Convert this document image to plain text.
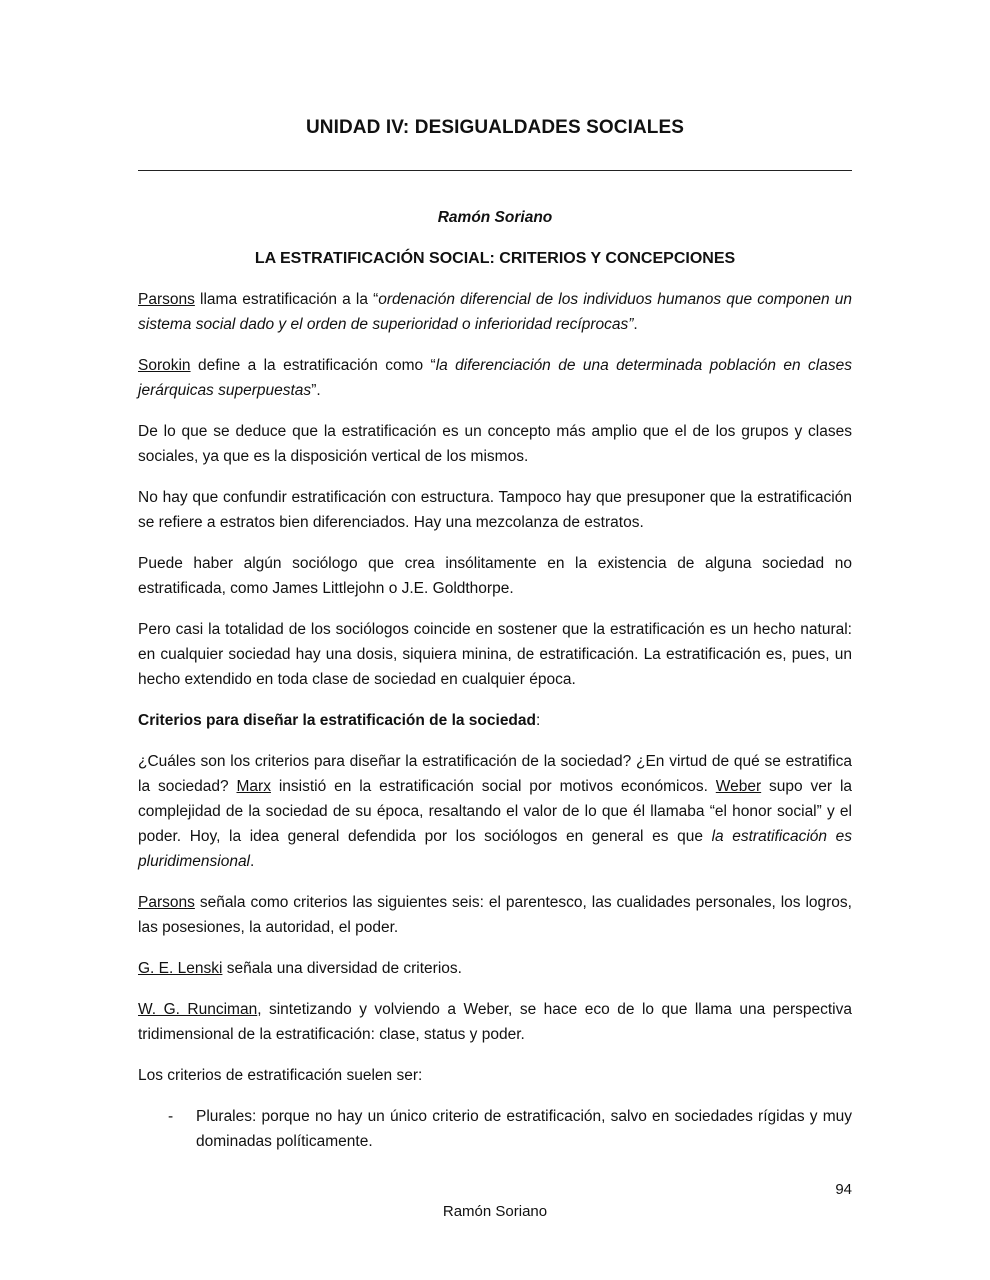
UNIDAD IV: DESIGUALDADES SOCIALES
Ramón Soriano
LA ESTRATIFICACIÓN SOCIAL: CRITERIOS Y CONCEPCIONES

Parsons llama estratificación a la “ordenación diferencial de los individuos humanos que componen un sistema social dado y el orden de superioridad o inferioridad recíprocas”.

Sorokin define a la estratificación como “la diferenciación de una determinada población en clases jerárquicas superpuestas”.

De lo que se deduce que la estratificación es un concepto más amplio que el de los grupos y clases sociales, ya que es la disposición vertical de los mismos.

No hay que confundir estratificación con estructura. Tampoco hay que presuponer que la estratificación se refiere a estratos bien diferenciados. Hay una mezcolanza de estratos.

Puede haber algún sociólogo que crea insólitamente en la existencia de alguna sociedad no estratificada, como James Littlejohn o J.E. Goldthorpe.

Pero casi la totalidad de los sociólogos coincide en sostener que la estratificación es un hecho natural: en cualquier sociedad hay una dosis, siquiera minina, de estratificación. La estratificación es, pues, un hecho extendido en toda clase de sociedad en cualquier época.

Criterios para diseñar la estratificación de la sociedad:

¿Cuáles son los criterios para diseñar la estratificación de la sociedad? ¿En virtud de qué se estratifica la sociedad? Marx insistió en la estratificación social por motivos económicos. Weber supo ver la complejidad de la sociedad de su época, resaltando el valor de lo que él llamaba “el honor social” y el poder. Hoy, la idea general defendida por los sociólogos en general es que la estratificación es pluridimensional.

Parsons señala como criterios las siguientes seis: el parentesco, las cualidades personales, los logros, las posesiones, la autoridad, el poder.

G. E. Lenski señala una diversidad de criterios.

W. G. Runciman, sintetizando y volviendo a Weber, se hace eco de lo que llama una perspectiva tridimensional de la estratificación: clase, status y poder.

Los criterios de estratificación suelen ser:

- Plurales: porque no hay un único criterio de estratificación, salvo en sociedades rígidas y muy dominadas políticamente.
94
Ramón Soriano
